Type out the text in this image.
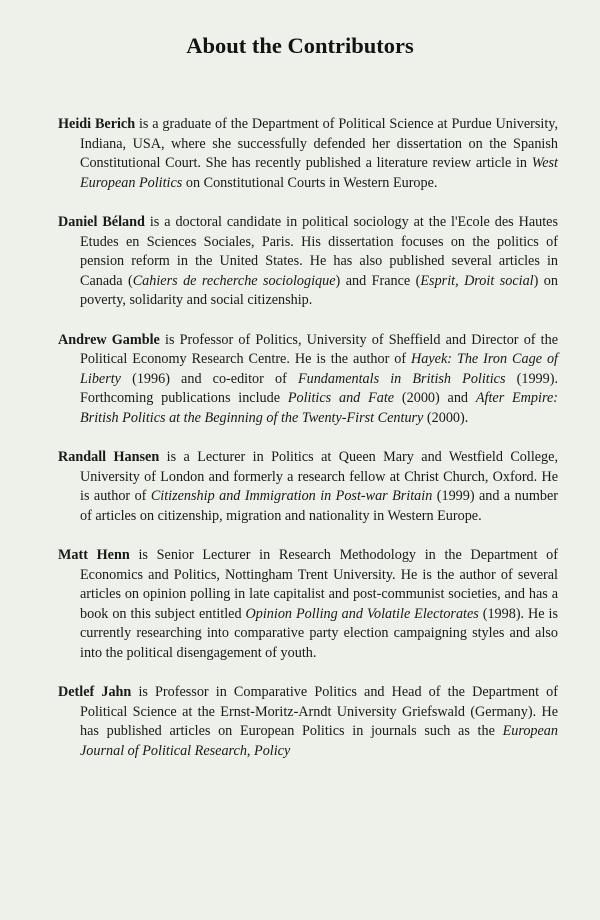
About the Contributors

Heidi Berich is a graduate of the Department of Political Science at Purdue University, Indiana, USA, where she successfully defended her dissertation on the Spanish Constitutional Court. She has recently published a literature review article in West European Politics on Constitutional Courts in Western Europe.

Daniel Béland is a doctoral candidate in political sociology at the l'Ecole des Hautes Etudes en Sciences Sociales, Paris. His dissertation focuses on the politics of pension reform in the United States. He has also published several articles in Canada (Cahiers de recherche sociologique) and France (Esprit, Droit social) on poverty, solidarity and social citizenship.

Andrew Gamble is Professor of Politics, University of Sheffield and Director of the Political Economy Research Centre. He is the author of Hayek: The Iron Cage of Liberty (1996) and co-editor of Fundamentals in British Politics (1999). Forthcoming publications include Politics and Fate (2000) and After Empire: British Politics at the Beginning of the Twenty-First Century (2000).

Randall Hansen is a Lecturer in Politics at Queen Mary and Westfield College, University of London and formerly a research fellow at Christ Church, Oxford. He is author of Citizenship and Immigration in Post-war Britain (1999) and a number of articles on citizenship, migration and nationality in Western Europe.

Matt Henn is Senior Lecturer in Research Methodology in the Department of Economics and Politics, Nottingham Trent University. He is the author of several articles on opinion polling in late capitalist and post-communist societies, and has a book on this subject entitled Opinion Polling and Volatile Electorates (1998). He is currently researching into comparative party election campaigning styles and also into the political disengagement of youth.

Detlef Jahn is Professor in Comparative Politics and Head of the Department of Political Science at the Ernst-Moritz-Arndt University Griefswald (Germany). He has published articles on European Politics in journals such as the European Journal of Political Research, Policy
